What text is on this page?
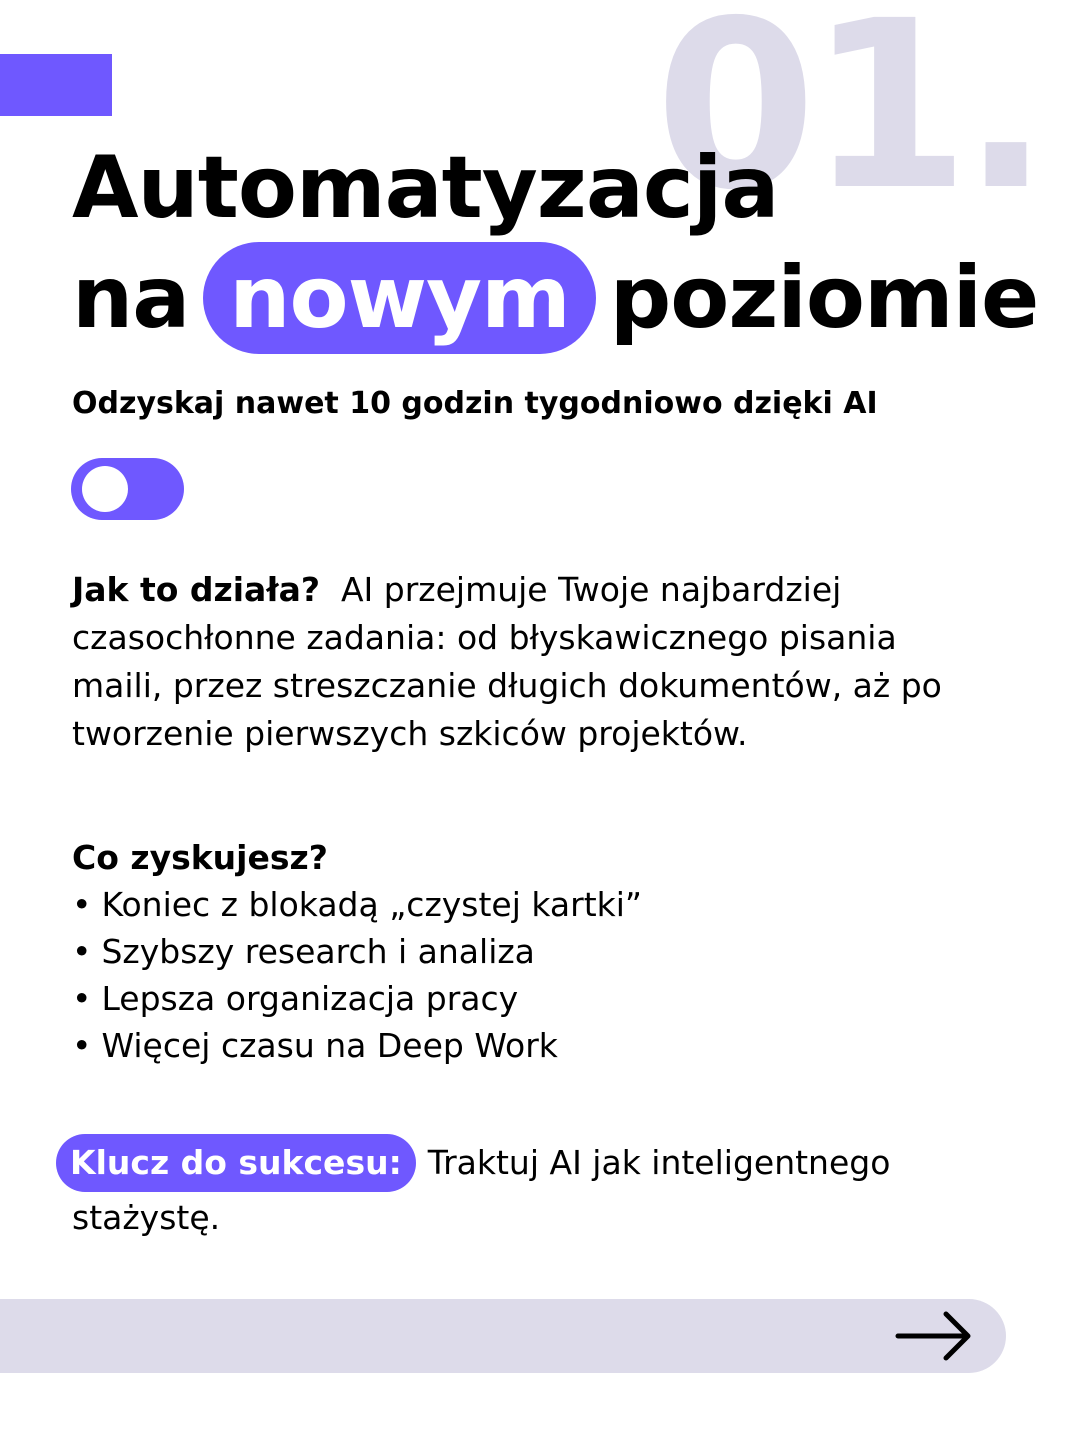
01.
Automatyzacja
na nowym poziomie

Odzyskaj nawet 10 godzin tygodniowo dzięki AI

Jak to działa? AI przejmuje Twoje najbardziej czasochłonne zadania: od błyskawicznego pisania maili, przez streszczanie długich dokumentów, aż po tworzenie pierwszych szkiców projektów.

Co zyskujesz?
• Koniec z blokadą „czystej kartki”
• Szybszy research i analiza
• Lepsza organizacja pracy
• Więcej czasu na Deep Work
Klucz do sukcesu: Traktuj AI jak inteligentnego
stażystę.
